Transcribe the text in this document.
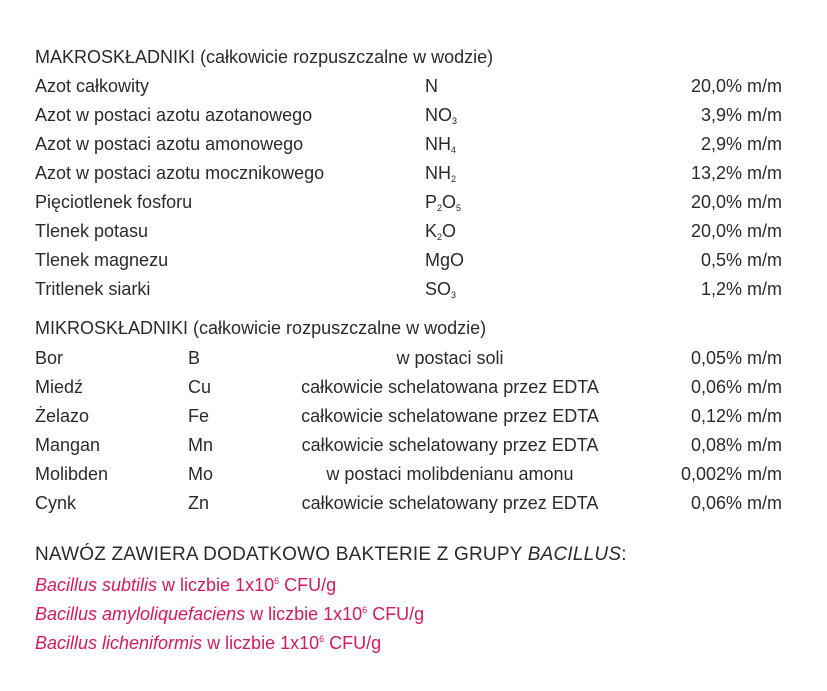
MAKROSKŁADNIKI (całkowicie rozpuszczalne w wodzie)
Azot całkowity	N	20,0% m/m
Azot w postaci azotu azotanowego	$NO_3$	3,9% m/m
Azot w postaci azotu amonowego	$NH_4$	2,9% m/m
Azot w postaci azotu mocznikowego	$NH_2$	13,2% m/m
Pięciotlenek fosforu	$P_2O_5$	20,0% m/m
Tlenek potasu	$K_2O$	20,0% m/m
Tlenek magnezu	MgO	0,5% m/m
Tritlenek siarki	$SO_3$	1,2% m/m
MIKROSKŁADNIKI (całkowicie rozpuszczalne w wodzie)
Bor	B	w postaci soli	0,05% m/m
Miedź	Cu	całkowicie schelatowana przez EDTA	0,06% m/m
Żelazo	Fe	całkowicie schelatowane przez EDTA	0,12% m/m
Mangan	Mn	całkowicie schelatowany przez EDTA	0,08% m/m
Molibden	Mo	w postaci molibdenianu amonu	0,002% m/m
Cynk	Zn	całkowicie schelatowany przez EDTA	0,06% m/m
NAWÓZ ZAWIERA DODATKOWO BAKTERIE Z GRUPY BACILLUS:
Bacillus subtilis w liczbie $1x10^6$ CFU/g
Bacillus amyloliquefaciens w liczbie $1x10^6$ CFU/g
Bacillus licheniformis w liczbie $1x10^6$ CFU/g
